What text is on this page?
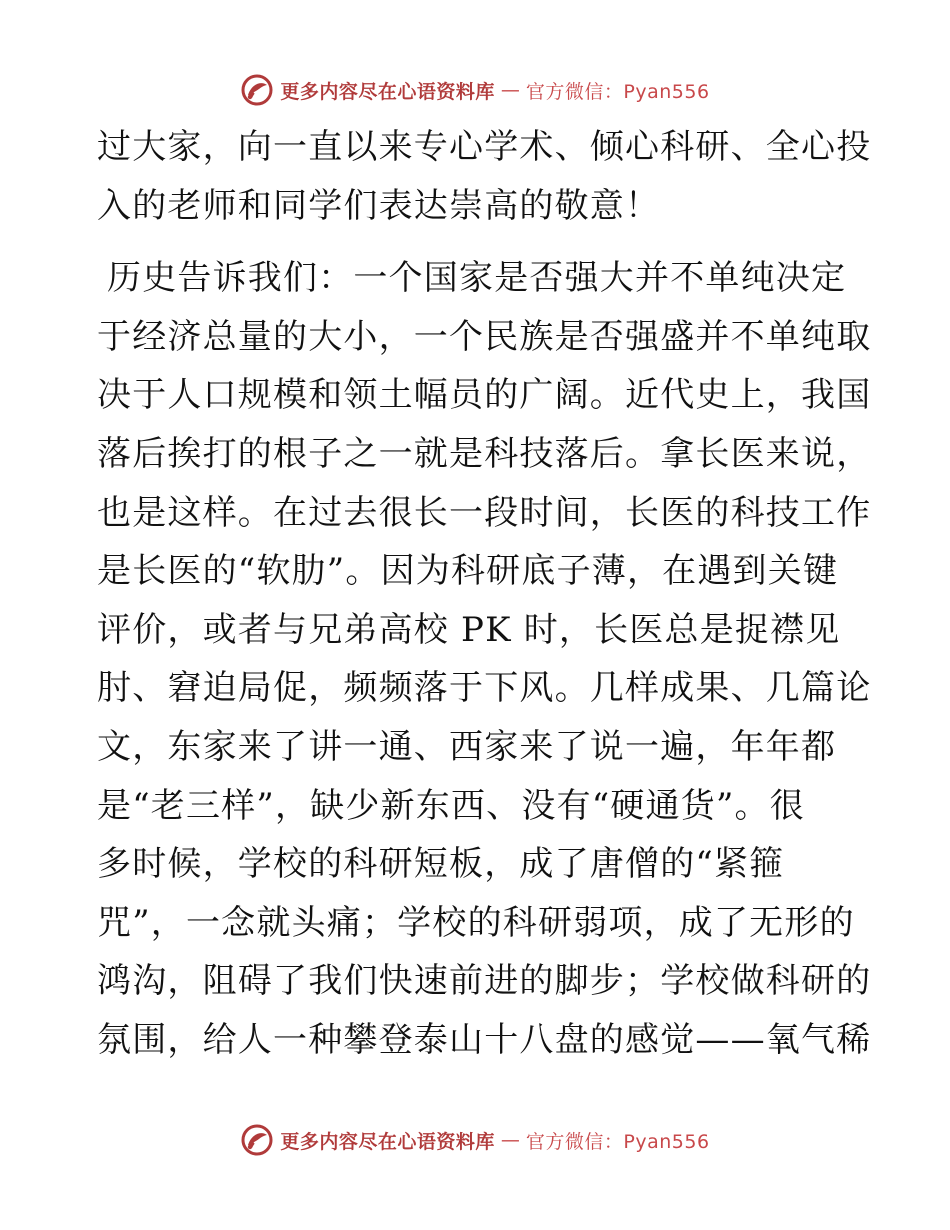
更多内容尽在心语资料库 — 官方微信：Pyan556
过大家，向一直以来专心学术、倾心科研、全心投
入的老师和同学们表达崇高的敬意！
历史告诉我们：一个国家是否强大并不单纯决定
于经济总量的大小，一个民族是否强盛并不单纯取
决于人口规模和领土幅员的广阔。近代史上，我国
落后挨打的根子之一就是科技落后。拿长医来说，
也是这样。在过去很长一段时间，长医的科技工作
是长医的“软肋”。因为科研底子薄，在遇到关键
评价，或者与兄弟高校 PK 时，长医总是捉襟见
肘、窘迫局促，频频落于下风。几样成果、几篇论
文，东家来了讲一通、西家来了说一遍，年年都
是“老三样”，缺少新东西、没有“硬通货”。很
多时候，学校的科研短板，成了唐僧的“紧箍
咒”，一念就头痛；学校的科研弱项，成了无形的
鸿沟，阻碍了我们快速前进的脚步；学校做科研的
氛围，给人一种攀登泰山十八盘的感觉——氧气稀
更多内容尽在心语资料库 — 官方微信：Pyan556
